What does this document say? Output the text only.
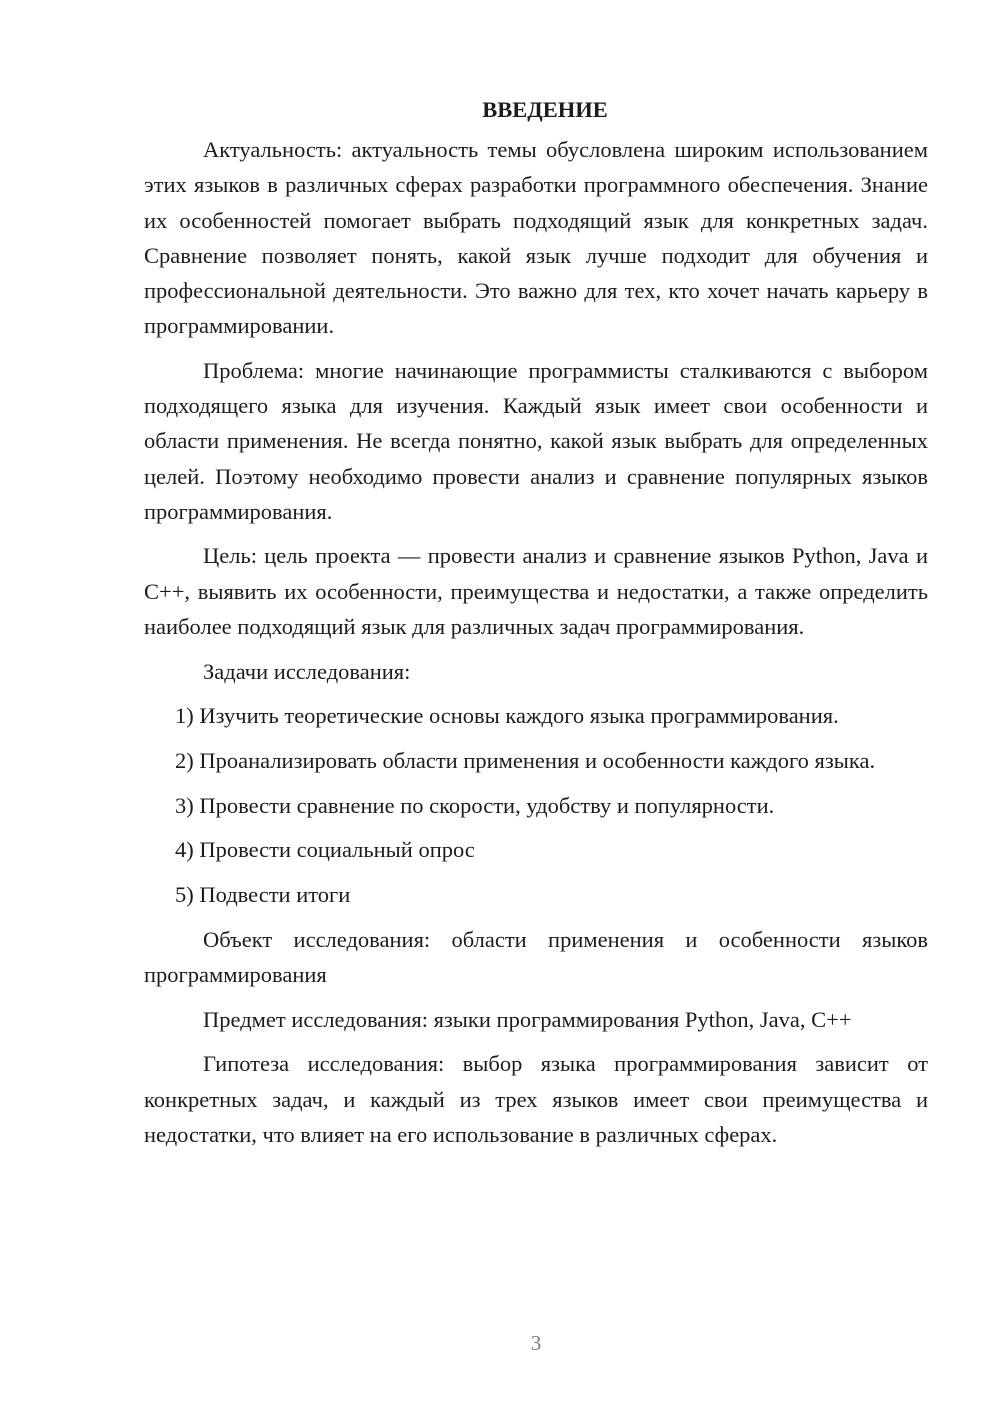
ВВЕДЕНИЕ

Актуальность: актуальность темы обусловлена широким использованием этих языков в различных сферах разработки программного обеспечения. Знание их особенностей помогает выбрать подходящий язык для конкретных задач. Сравнение позволяет понять, какой язык лучше подходит для обучения и профессиональной деятельности. Это важно для тех, кто хочет начать карьеру в программировании.

Проблема: многие начинающие программисты сталкиваются с выбором подходящего языка для изучения. Каждый язык имеет свои особенности и области применения. Не всегда понятно, какой язык выбрать для определенных целей. Поэтому необходимо провести анализ и сравнение популярных языков программирования.

Цель: цель проекта — провести анализ и сравнение языков Python, Java и C++, выявить их особенности, преимущества и недостатки, а также определить наиболее подходящий язык для различных задач программирования.

Задачи исследования:

1) Изучить теоретические основы каждого языка программирования.

2) Проанализировать области применения и особенности каждого языка.

3) Провести сравнение по скорости, удобству и популярности.

4) Провести социальный опрос

5) Подвести итоги

Объект исследования: области применения и особенности языков программирования

Предмет исследования: языки программирования Python, Java, C++

Гипотеза исследования: выбор языка программирования зависит от конкретных задач, и каждый из трех языков имеет свои преимущества и недостатки, что влияет на его использование в различных сферах.

3
